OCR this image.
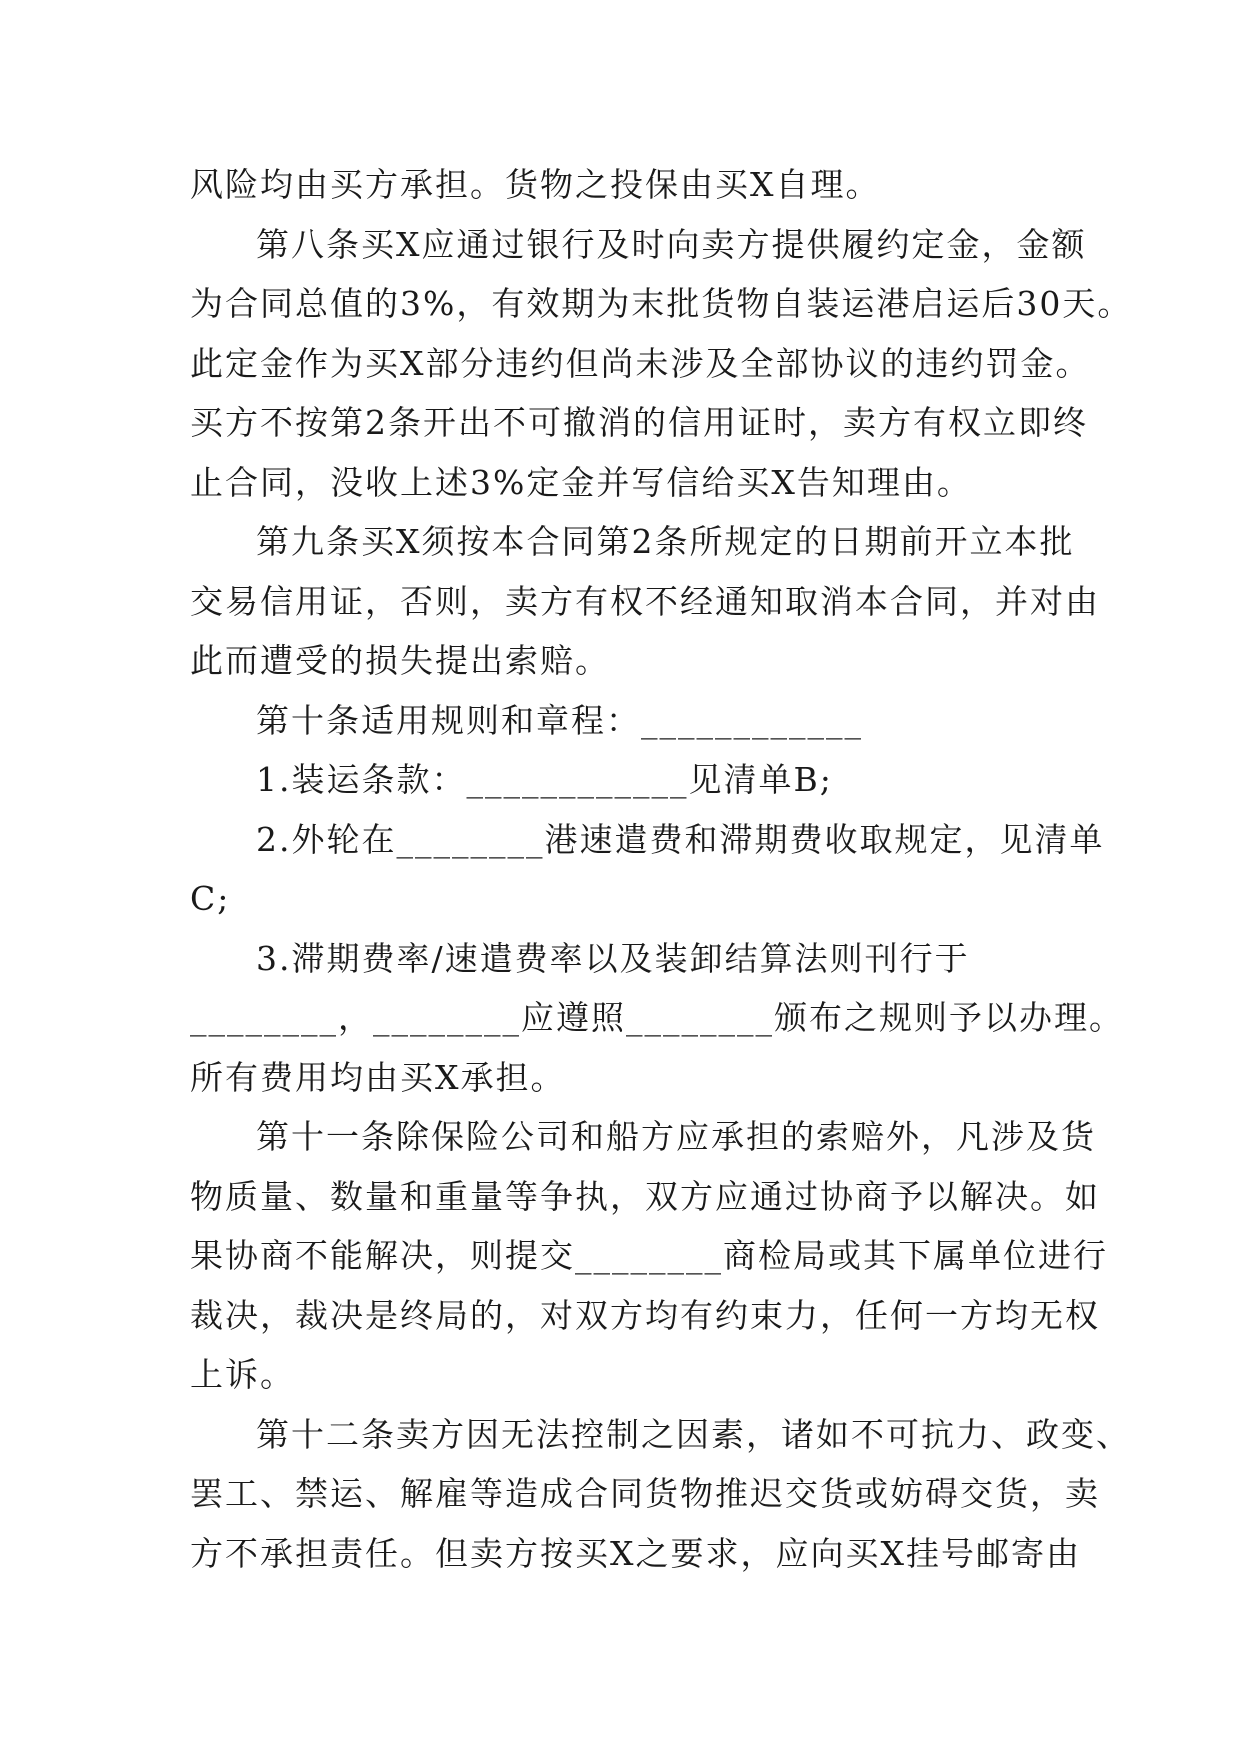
风险均由买方承担。货物之投保由买X自理。
第八条买X应通过银行及时向卖方提供履约定金，金额
为合同总值的3%，有效期为末批货物自装运港启运后30天。
此定金作为买X部分违约但尚未涉及全部协议的违约罚金。
买方不按第2条开出不可撤消的信用证时，卖方有权立即终
止合同，没收上述3%定金并写信给买X告知理由。
第九条买X须按本合同第2条所规定的日期前开立本批
交易信用证，否则，卖方有权不经通知取消本合同，并对由
此而遭受的损失提出索赔。
第十条适用规则和章程：____________
1.装运条款：____________见清单B;
2.外轮在________港速遣费和滞期费收取规定，见清单
C;
3.滞期费率/速遣费率以及装卸结算法则刊行于
________，________应遵照________颁布之规则予以办理。
所有费用均由买X承担。
第十一条除保险公司和船方应承担的索赔外，凡涉及货
物质量、数量和重量等争执，双方应通过协商予以解决。如
果协商不能解决，则提交________商检局或其下属单位进行
裁决，裁决是终局的，对双方均有约束力，任何一方均无权
上诉。
第十二条卖方因无法控制之因素，诸如不可抗力、政变、
罢工、禁运、解雇等造成合同货物推迟交货或妨碍交货，卖
方不承担责任。但卖方按买X之要求，应向买X挂号邮寄由
